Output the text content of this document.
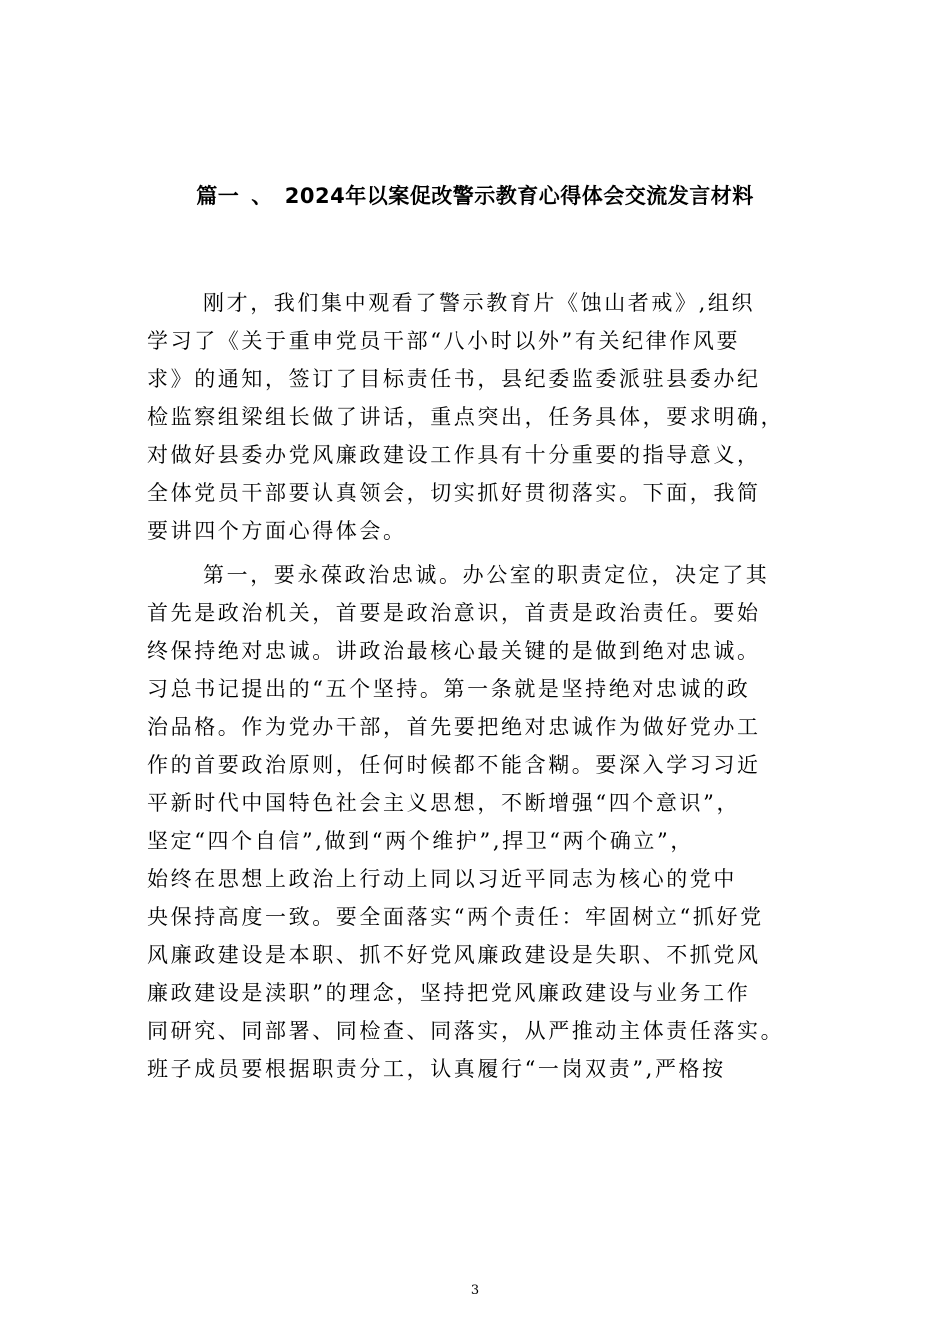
篇一 、 2024年以案促改警示教育心得体会交流发言材料
刚才，我们集中观看了警示教育片《蚀山者戒》,组织
学习了《关于重申党员干部“八小时以外”有关纪律作风要
求》的通知，签订了目标责任书，县纪委监委派驻县委办纪
检监察组梁组长做了讲话，重点突出，任务具体，要求明确，
对做好县委办党风廉政建设工作具有十分重要的指导意义，
全体党员干部要认真领会，切实抓好贯彻落实。下面，我简
要讲四个方面心得体会。
第一，要永葆政治忠诚。办公室的职责定位，决定了其
首先是政治机关，首要是政治意识，首责是政治责任。要始
终保持绝对忠诚。讲政治最核心最关键的是做到绝对忠诚。
习总书记提出的“五个坚持。第一条就是坚持绝对忠诚的政
治品格。作为党办干部，首先要把绝对忠诚作为做好党办工
作的首要政治原则，任何时候都不能含糊。要深入学习习近
平新时代中国特色社会主义思想，不断增强“四个意识”，
坚定“四个自信”,做到“两个维护”,捍卫“两个确立”，
始终在思想上政治上行动上同以习近平同志为核心的党中
央保持高度一致。要全面落实“两个责任：牢固树立“抓好党
风廉政建设是本职、抓不好党风廉政建设是失职、不抓党风
廉政建设是渎职”的理念，坚持把党风廉政建设与业务工作
同研究、同部署、同检查、同落实，从严推动主体责任落实。
班子成员要根据职责分工，认真履行“一岗双责”,严格按
3
